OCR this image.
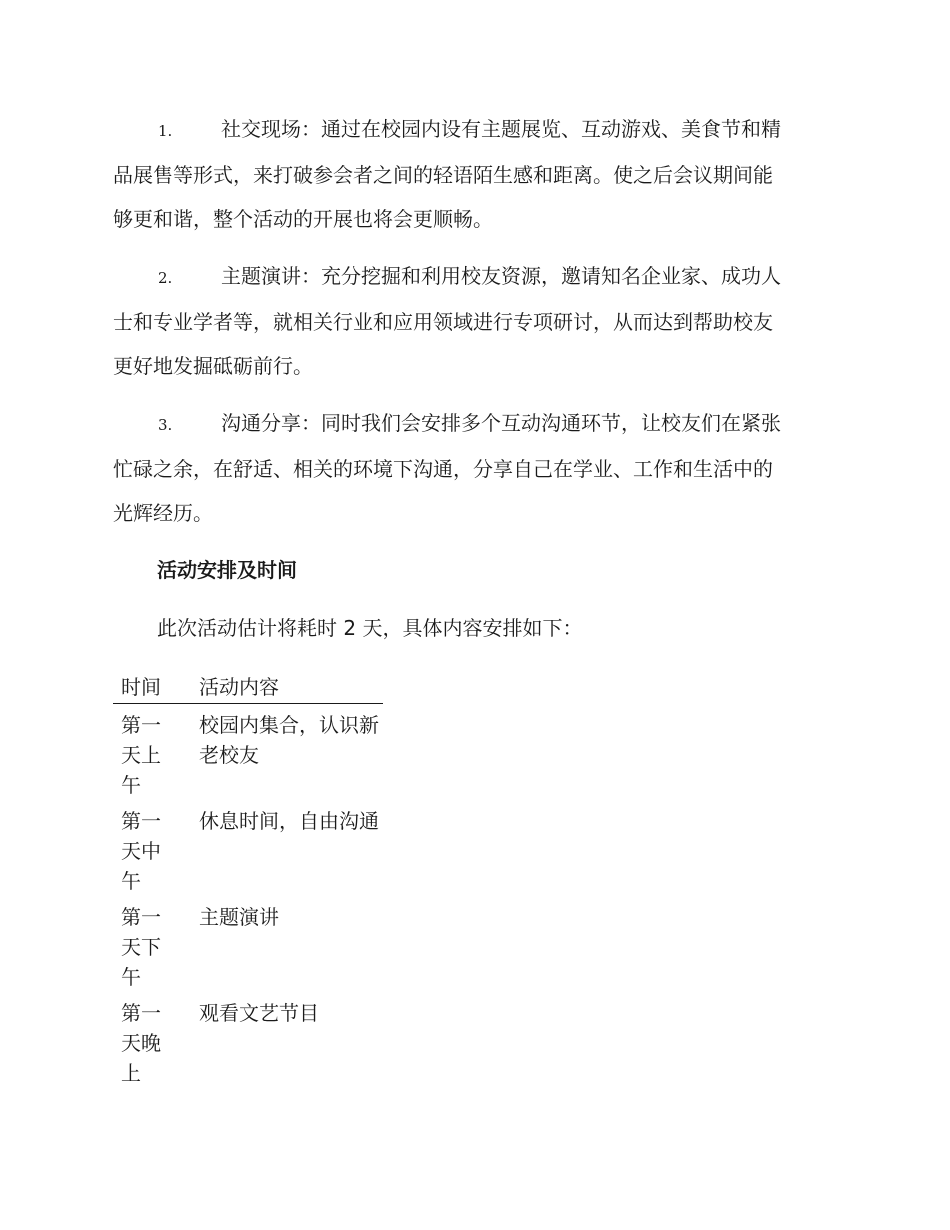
1. 社交现场：通过在校园内设有主题展览、互动游戏、美食节和精
品展售等形式，来打破参会者之间的轻语陌生感和距离。使之后会议期间能
够更和谐，整个活动的开展也将会更顺畅。
2. 主题演讲：充分挖掘和利用校友资源，邀请知名企业家、成功人
士和专业学者等，就相关行业和应用领域进行专项研讨，从而达到帮助校友
更好地发掘砥砺前行。
3. 沟通分享：同时我们会安排多个互动沟通环节，让校友们在紧张
忙碌之余，在舒适、相关的环境下沟通，分享自己在学业、工作和生活中的
光辉经历。
活动安排及时间
此次活动估计将耗时 2 天，具体内容安排如下：
时间	活动内容
第一天上午	校园内集合，认识新老校友
第一天中午	休息时间，自由沟通
第一天下午	主题演讲
第一天晚上	观看文艺节目
